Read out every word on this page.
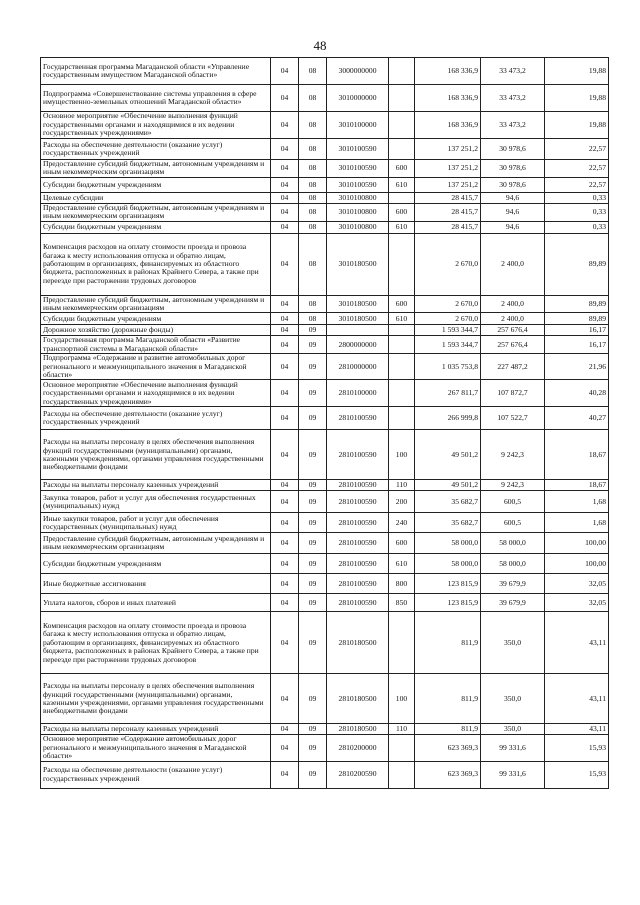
48
Государственная программа Магаданской области «Управление государственным имуществом Магаданской области»	04	08	3000000000		168 336,9	33 473,2	19,88
Подпрограмма «Совершенствование системы управления в сфере имущественно-земельных отношений Магаданской области»	04	08	3010000000		168 336,9	33 473,2	19,88
Основное мероприятие «Обеспечение выполнения функций государственными органами и находящимися в их ведении государственных учреждениями»	04	08	3010100000		168 336,9	33 473,2	19,88
Расходы на обеспечение деятельности (оказание услуг) государственных учреждений	04	08	3010100590		137 251,2	30 978,6	22,57
Предоставление субсидий бюджетным, автономным учреждениям и иным некоммерческим организациям	04	08	3010100590	600	137 251,2	30 978,6	22,57
Субсидии бюджетным учреждениям	04	08	3010100590	610	137 251,2	30 978,6	22,57
Целевые субсидии	04	08	3010100800		28 415,7	94,6	0,33
Предоставление субсидий бюджетным, автономным учреждениям и иным некоммерческим организациям	04	08	3010100800	600	28 415,7	94,6	0,33
Субсидии бюджетным учреждениям	04	08	3010100800	610	28 415,7	94,6	0,33
Компенсация расходов на оплату стоимости проезда и провоза багажа к месту использования отпуска и обратно лицам, работающим в организациях, финансируемых из областного бюджета, расположенных в районах Крайнего Севера, а также при переезде при расторжении трудовых договоров	04	08	3010180500		2 670,0	2 400,0	89,89
Предоставление субсидий бюджетным, автономным учреждениям и иным некоммерческим организациям	04	08	3010180500	600	2 670,0	2 400,0	89,89
Субсидии бюджетным учреждениям	04	08	3010180500	610	2 670,0	2 400,0	89,89
Дорожное хозяйство (дорожные фонды)	04	09			1 593 344,7	257 676,4	16,17
Государственная программа Магаданской области «Развитие транспортной системы в Магаданской области»	04	09	2800000000		1 593 344,7	257 676,4	16,17
Подпрограмма «Содержание и развитие автомобильных дорог регионального и межмуниципального значения в Магаданской области»	04	09	2810000000		1 035 753,8	227 487,2	21,96
Основное мероприятие «Обеспечение выполнения функций государственными органами и находящимися в их ведении государственных учреждениями»	04	09	2810100000		267 811,7	107 872,7	40,28
Расходы на обеспечение деятельности (оказание услуг) государственных учреждений	04	09	2810100590		266 999,8	107 522,7	40,27
Расходы на выплаты персоналу в целях обеспечения выполнения функций государственными (муниципальными) органами, казенными учреждениями, органами управления государственными внебюджетными фондами	04	09	2810100590	100	49 501,2	9 242,3	18,67
Расходы на выплаты персоналу казенных учреждений	04	09	2810100590	110	49 501,2	9 242,3	18,67
Закупка товаров, работ и услуг для обеспечения государственных (муниципальных) нужд	04	09	2810100590	200	35 682,7	600,5	1,68
Иные закупки товаров, работ и услуг для обеспечения государственных (муниципальных) нужд	04	09	2810100590	240	35 682,7	600,5	1,68
Предоставление субсидий бюджетным, автономным учреждениям и иным некоммерческим организациям	04	09	2810100590	600	58 000,0	58 000,0	100,00
Субсидии бюджетным учреждениям	04	09	2810100590	610	58 000,0	58 000,0	100,00
Иные бюджетные ассигнования	04	09	2810100590	800	123 815,9	39 679,9	32,05
Уплата налогов, сборов и иных платежей	04	09	2810100590	850	123 815,9	39 679,9	32,05
Компенсация расходов на оплату стоимости проезда и провоза багажа к месту использования отпуска и обратно лицам, работающим в организациях, финансируемых из областного бюджета, расположенных в районах Крайнего Севера, а также при переезде при расторжении трудовых договоров	04	09	2810180500		811,9	350,0	43,11
Расходы на выплаты персоналу в целях обеспечения выполнения функций государственными (муниципальными) органами, казенными учреждениями, органами управления государственными внебюджетными фондами	04	09	2810180500	100	811,9	350,0	43,11
Расходы на выплаты персоналу казенных учреждений	04	09	2810180500	110	811,9	350,0	43,11
Основное мероприятие «Содержание автомобильных дорог регионального и межмуниципального значения в Магаданской области»	04	09	2810200000		623 369,3	99 331,6	15,93
Расходы на обеспечение деятельности (оказание услуг) государственных учреждений	04	09	2810200590		623 369,3	99 331,6	15,93
